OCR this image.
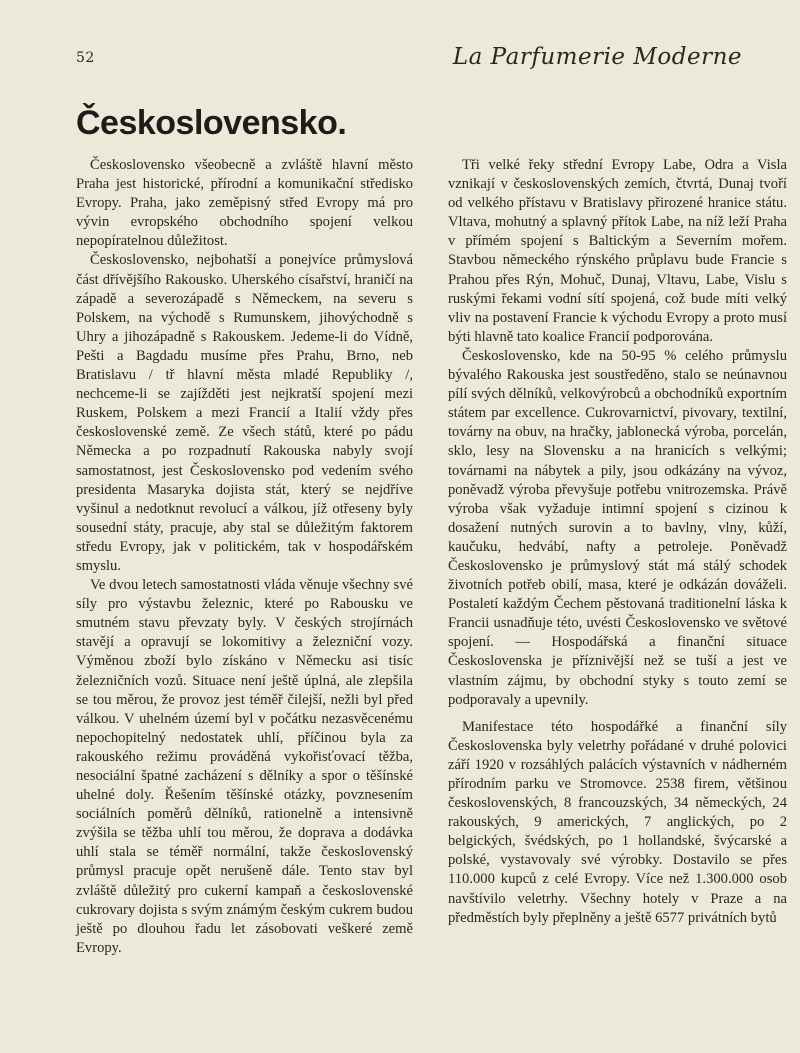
52	La Parfumerie Moderne
Československo.

Československo všeobecně a zvláště hlavní město Praha jest historické, přírodní a komunikační středisko Evropy. Praha, jako zeměpisný střed Evropy má pro vývin evropského obchodního spojení velkou nepopíratelnou důležitost.

Československo, nejbohatší a ponejvíce průmyslová část dřívějšího Rakousko. Uherského císařství, hraničí na západě a severozápadě s Německem, na severu s Polskem, na východě s Rumunskem, jihovýchodně s Uhry a jihozápadně s Rakouskem. Jedeme-li do Vídně, Pešti a Bagdadu musíme přes Prahu, Brno, neb Bratislavu / tř hlavní města mladé Republiky /, nechceme-li se zajížděti jest nejkratší spojení mezi Ruskem, Polskem a mezi Francií a Italií vždy přes československé země. Ze všech států, které po pádu Německa a po rozpadnutí Rakouska nabyly svojí samostatnost, jest Československo pod vedením svého presidenta Masaryka dojista stát, který se nejdříve vyšinul a nedotknut revolucí a válkou, jíž otřeseny byly sousední státy, pracuje, aby stal se důležitým faktorem středu Evropy, jak v politickém, tak v hospodářském smyslu.

Ve dvou letech samostatnosti vláda věnuje všechny své síly pro výstavbu železnic, které po Rabousku ve smutném stavu převzaty byly. V českých strojírnách stavějí a opravují se lokomitivy a železniční vozy. Výměnou zboží bylo získáno v Německu asi tisíc železničních vozů. Situace není ještě úplná, ale zlepšila se tou měrou, že provoz jest téměř čilejší, nežli byl před válkou. V uhelném území byl v počátku nezasvěcenému nepochopitelný nedostatek uhlí, příčinou byla za rakouského režimu prováděná vykořisťovací těžba, nesociální špatné zacházení s dělníky a spor o těšínské uhelné doly. Řešením těšínské otázky, povznesením sociálních poměrů dělníků, rationelně a intensivně zvýšila se těžba uhlí tou měrou, že doprava a dodávka uhlí stala se téměř normální, takže československý průmysl pracuje opět nerušeně dále. Tento stav byl zvláště důležitý pro cukerní kampaň a československé cukrovary dojista s svým známým českým cukrem budou ještě po dlouhou řadu let zásobovati veškeré země Evropy.

Tři velké řeky střední Evropy Labe, Odra a Visla vznikají v československých zemích, čtvrtá, Dunaj tvoří od velkého přístavu v Bratislavy přirozené hranice státu. Vltava, mohutný a splavný přítok Labe, na níž leží Praha v přímém spojení s Baltickým a Severním mořem. Stavbou německého rýnského průplavu bude Francie s Prahou přes Rýn, Mohuč, Dunaj, Vltavu, Labe, Vislu s ruskými řekami vodní sítí spojená, což bude míti velký vliv na postavení Francie k východu Evropy a proto musí býti hlavně tato koalice Francií podporována.

Československo, kde na 50-95 % celého průmyslu bývalého Rakouska jest soustředěno, stalo se neúnavnou pílí svých dělníků, velkovýrobců a obchodníků exportním státem par excellence. Cukrovarnictví, pivovary, textilní, továrny na obuv, na hračky, jablonecká výroba, porcelán, sklo, lesy na Slovensku a na hranicích s velkými; továrnami na nábytek a pily, jsou odkázány na vývoz, poněvadž výroba převyšuje potřebu vnitrozemska. Právě výroba však vyžaduje intimní spojení s cizinou k dosažení nutných surovin a to bavlny, vlny, kůží, kaučuku, hedvábí, nafty a petroleje. Poněvadž Československo je průmyslový stát má stálý schodek životních potřeb obilí, masa, které je odkázán dováželi. Postaletí každým Čechem pěstovaná traditionelní láska k Francii usnadňuje této, uvésti Československo ve světové spojení. — Hospodářská a finanční situace Československa je příznivější než se tuší a jest ve vlastním zájmu, by obchodní styky s touto zemí se podporavaly a upevnily.

Manifestace této hospodářké a finanční síly Československa byly veletrhy pořádané v druhé polovici září 1920 v rozsáhlých palácích výstavních v nádherném přírodním parku ve Stromovce. 2538 firem, většinou československých, 8 francouzských, 34 německých, 24 rakouských, 9 amerických, 7 anglických, po 2 belgických, švédských, po 1 hollandské, švýcarské a polské, vystavovaly své výrobky. Dostavilo se přes 110.000 kupců z celé Evropy. Více než 1.300.000 osob navštívilo veletrhy. Všechny hotely v Praze a na předměstích byly přeplněny a ještě 6577 privátních bytů
